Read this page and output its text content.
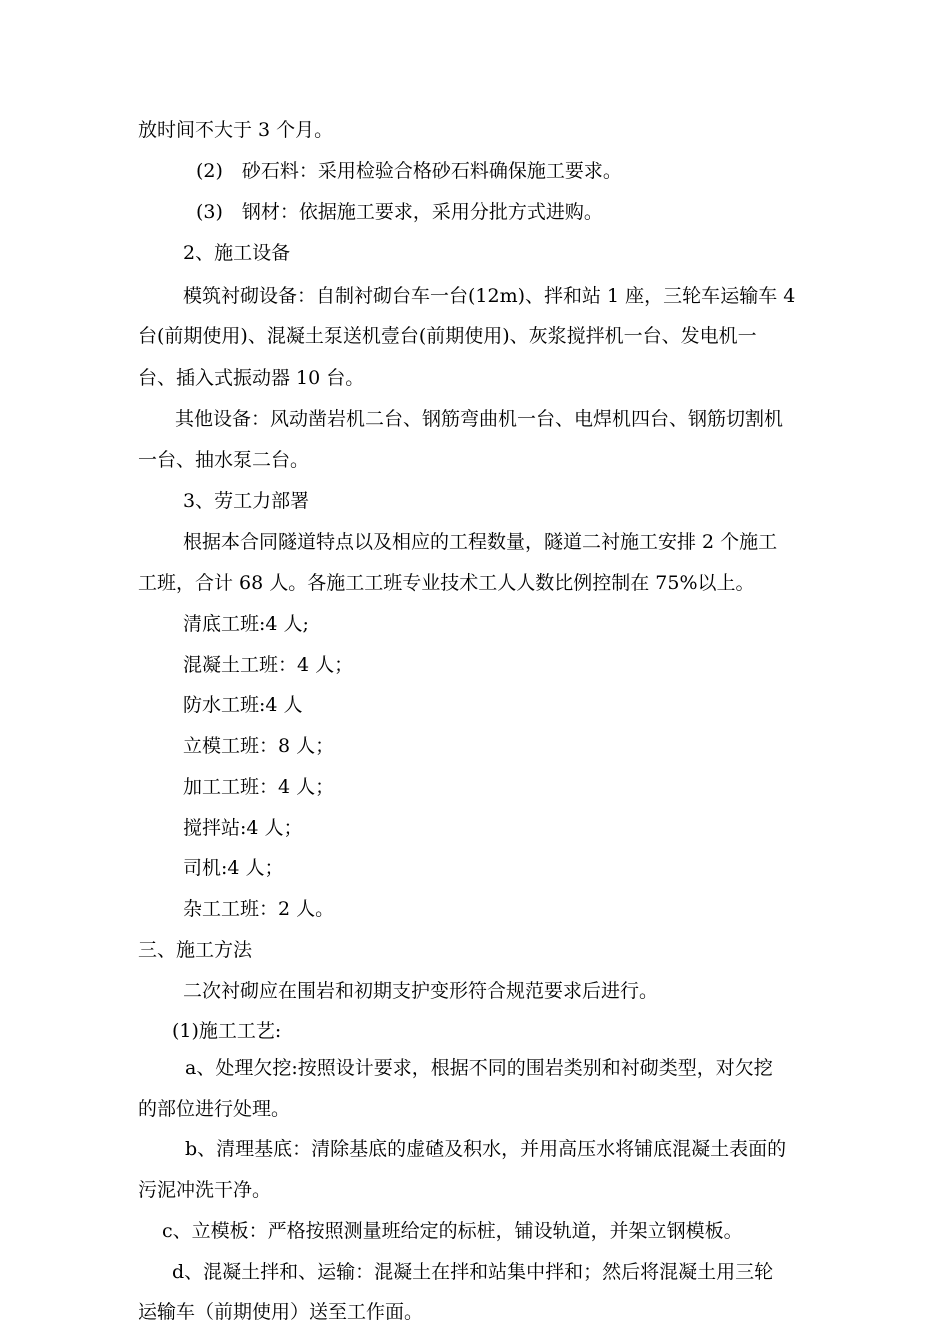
放时间不大于 3 个月。
(2)　砂石料：采用检验合格砂石料确保施工要求。
(3)　钢材：依据施工要求，采用分批方式进购。
2、施工设备
模筑衬砌设备：自制衬砌台车一台(12m)、拌和站 1 座，三轮车运输车 4
台(前期使用)、混凝土泵送机壹台(前期使用)、灰浆搅拌机一台、发电机一
台、插入式振动器 10 台。
其他设备：风动凿岩机二台、钢筋弯曲机一台、电焊机四台、钢筋切割机
一台、抽水泵二台。
3、劳工力部署
根据本合同隧道特点以及相应的工程数量，隧道二衬施工安排 2 个施工
工班，合计 68 人。各施工工班专业技术工人人数比例控制在 75%以上。
清底工班:4 人;
混凝土工班：4 人；
防水工班:4 人
立模工班：8 人；
加工工班：4 人；
搅拌站:4 人；
司机:4 人；
杂工工班：2 人。
三、施工方法
二次衬砌应在围岩和初期支护变形符合规范要求后进行。
(1)施工工艺:
a、处理欠挖:按照设计要求，根据不同的围岩类别和衬砌类型，对欠挖
的部位进行处理。
b、清理基底：清除基底的虚碴及积水，并用高压水将铺底混凝土表面的
污泥冲洗干净。
c、立模板：严格按照测量班给定的标桩，铺设轨道，并架立钢模板。
d、混凝土拌和、运输：混凝土在拌和站集中拌和；然后将混凝土用三轮
运输车（前期使用）送至工作面。
